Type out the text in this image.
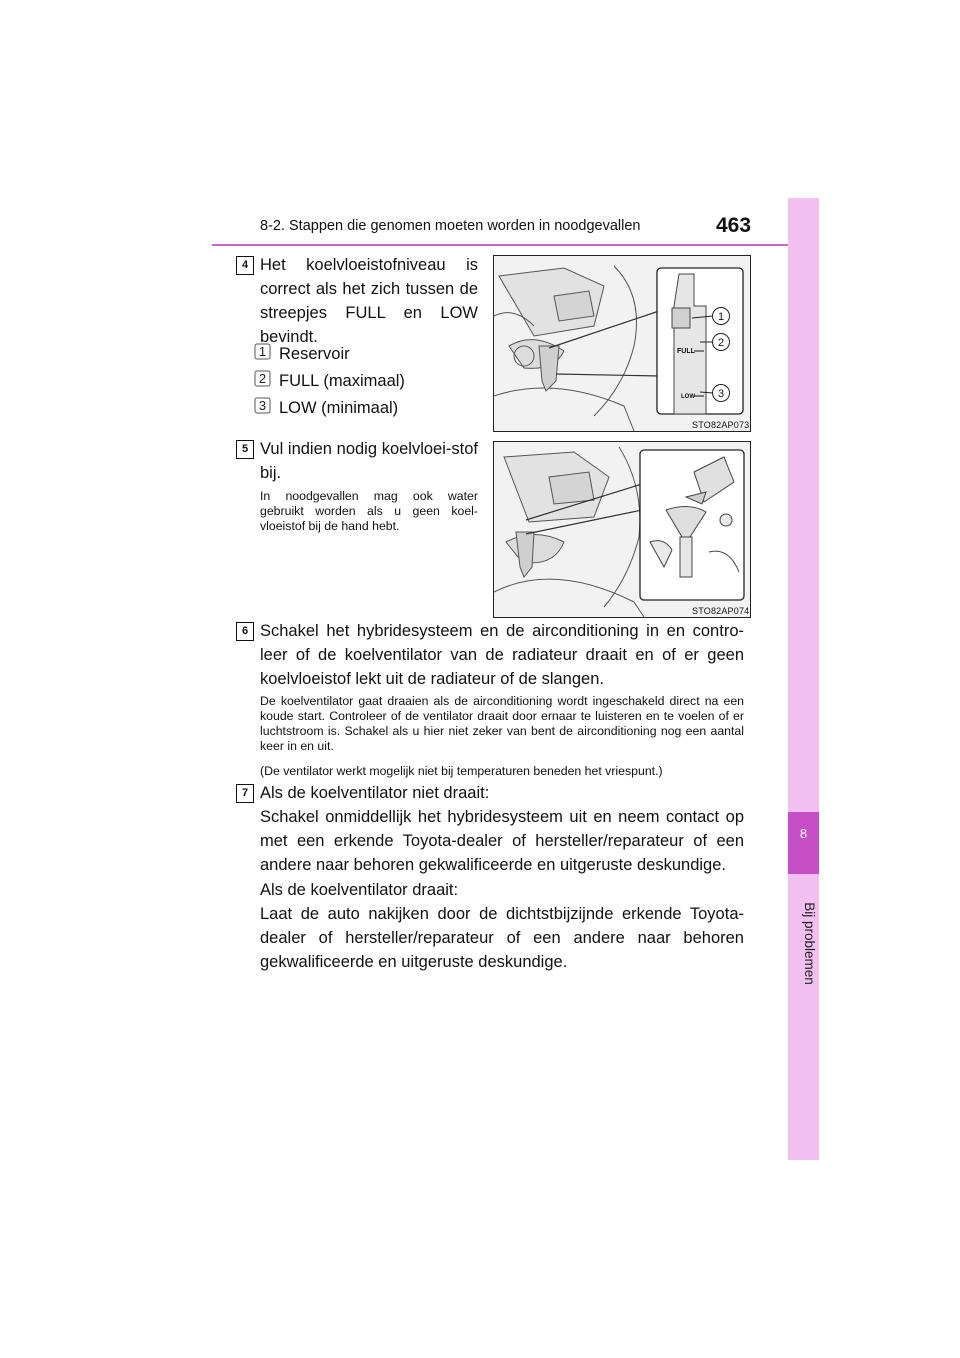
8
Bij problemen
8-2. Stappen die genomen moeten worden in noodgevallen	463
4 Het koelvloeistofniveau is correct als het zich tussen de streepjes FULL en LOW bevindt.
1 Reservoir
2 FULL (maximaal)
3 LOW (minimaal)
FULL
LOW
1
2
3
STO82AP073
5 Vul indien nodig koelvloei-stof bij.
In noodgevallen mag ook water gebruikt worden als u geen koel-vloeistof bij de hand hebt.
STO82AP074
6 Schakel het hybridesysteem en de airconditioning in en contro-leer of de koelventilator van de radiateur draait en of er geen koelvloeistof lekt uit de radiateur of de slangen.
De koelventilator gaat draaien als de airconditioning wordt ingeschakeld direct na een koude start. Controleer of de ventilator draait door ernaar te luisteren en te voelen of er luchtstroom is. Schakel als u hier niet zeker van bent de airconditioning nog een aantal keer in en uit.
(De ventilator werkt mogelijk niet bij temperaturen beneden het vriespunt.)
7 Als de koelventilator niet draait:
Schakel onmiddellijk het hybridesysteem uit en neem contact op met een erkende Toyota-dealer of hersteller/reparateur of een andere naar behoren gekwalificeerde en uitgeruste deskundige.
Als de koelventilator draait:
Laat de auto nakijken door de dichtstbijzijnde erkende Toyota-dealer of hersteller/reparateur of een andere naar behoren gekwalificeerde en uitgeruste deskundige.
